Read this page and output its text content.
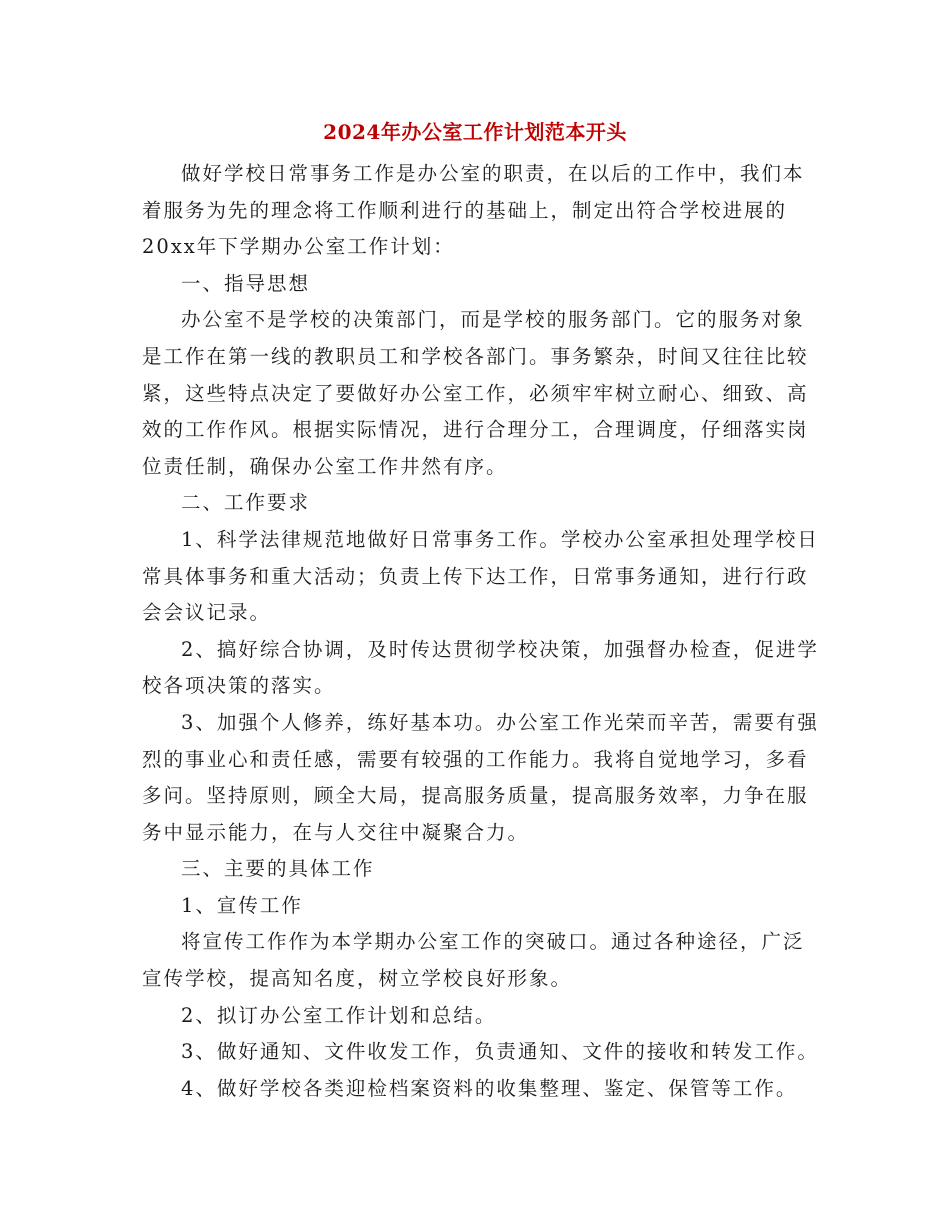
2024年办公室工作计划范本开头

做好学校日常事务工作是办公室的职责，在以后的工作中，我们本着服务为先的理念将工作顺利进行的基础上，制定出符合学校进展的20xx年下学期办公室工作计划：

一、指导思想

办公室不是学校的决策部门，而是学校的服务部门。它的服务对象是工作在第一线的教职员工和学校各部门。事务繁杂，时间又往往比较紧，这些特点决定了要做好办公室工作，必须牢牢树立耐心、细致、高效的工作作风。根据实际情况，进行合理分工，合理调度，仔细落实岗位责任制，确保办公室工作井然有序。

二、工作要求

1、科学法律规范地做好日常事务工作。学校办公室承担处理学校日常具体事务和重大活动；负责上传下达工作，日常事务通知，进行行政会会议记录。

2、搞好综合协调，及时传达贯彻学校决策，加强督办检查，促进学校各项决策的落实。

3、加强个人修养，练好基本功。办公室工作光荣而辛苦，需要有强烈的事业心和责任感，需要有较强的工作能力。我将自觉地学习，多看多问。坚持原则，顾全大局，提高服务质量，提高服务效率，力争在服务中显示能力，在与人交往中凝聚合力。

三、主要的具体工作

1、宣传工作

将宣传工作作为本学期办公室工作的突破口。通过各种途径，广泛宣传学校，提高知名度，树立学校良好形象。

2、拟订办公室工作计划和总结。

3、做好通知、文件收发工作，负责通知、文件的接收和转发工作。

4、做好学校各类迎检档案资料的收集整理、鉴定、保管等工作。
